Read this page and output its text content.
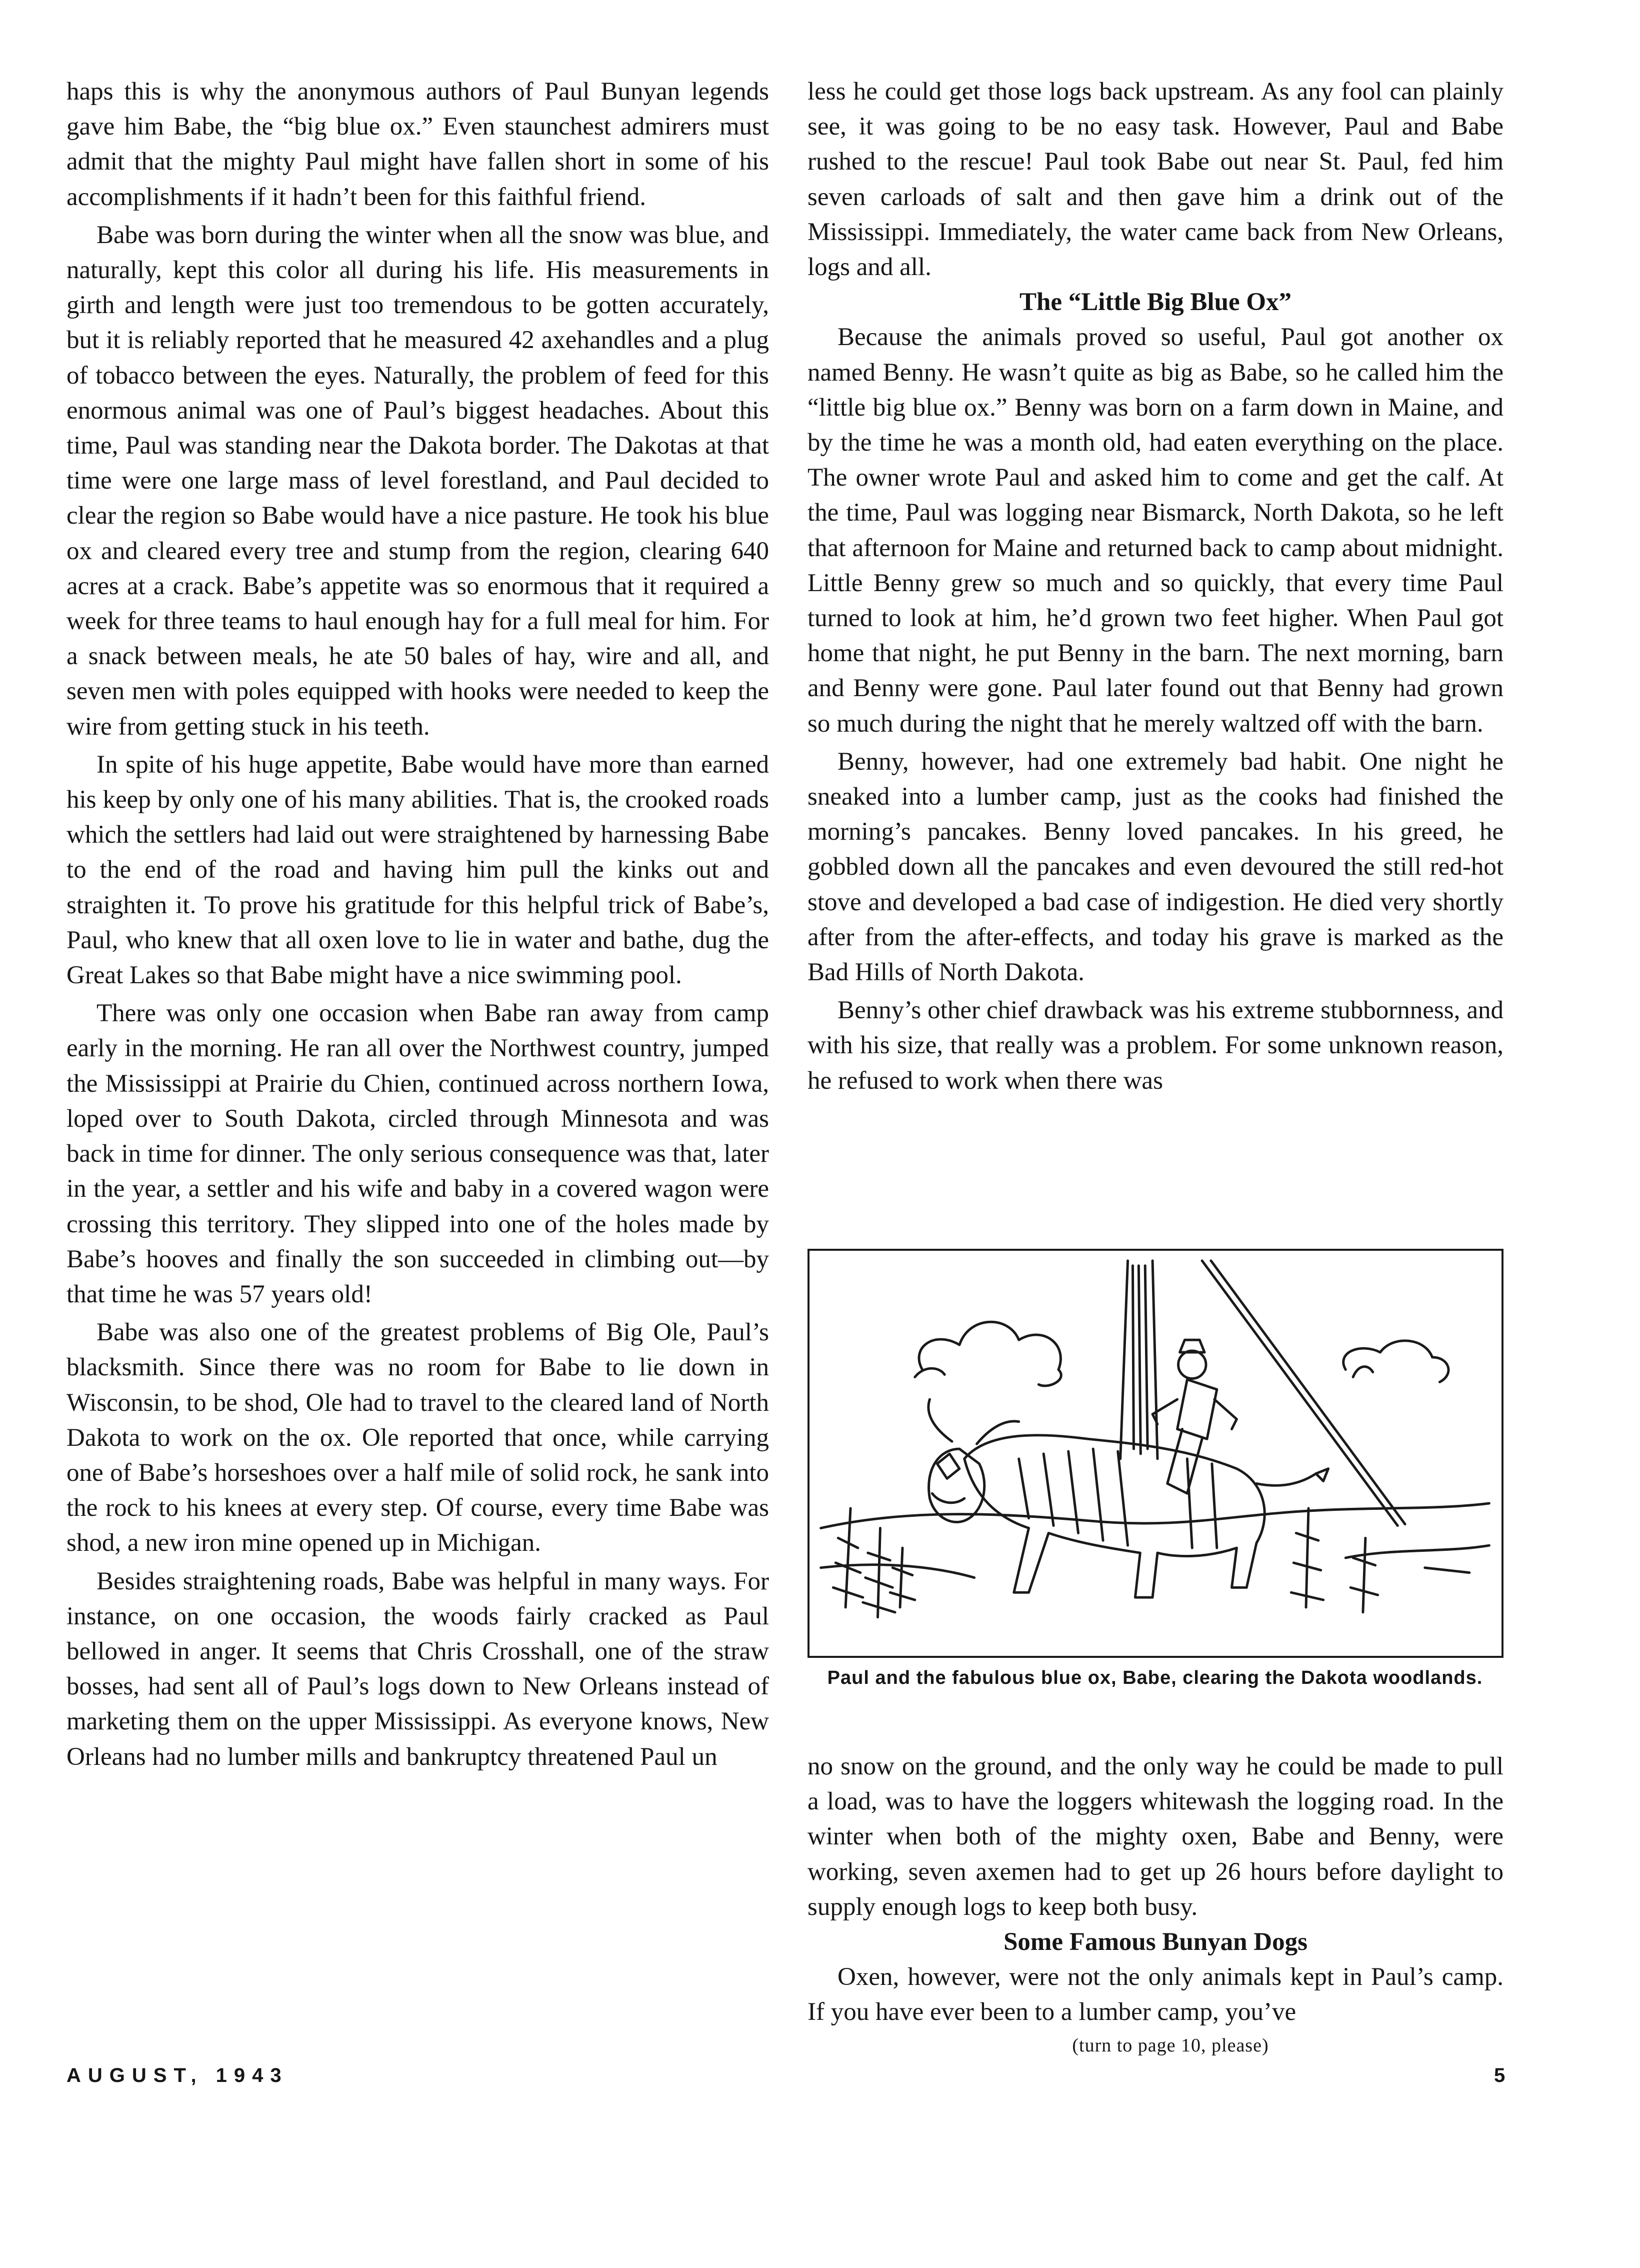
haps this is why the anonymous authors of Paul Bunyan legends gave him Babe, the “big blue ox.” Even staunchest admirers must admit that the mighty Paul might have fallen short in some of his accomplishments if it hadn’t been for this faithful friend.

Babe was born during the winter when all the snow was blue, and naturally, kept this color all during his life. His measurements in girth and length were just too tremendous to be gotten accurately, but it is reliably reported that he measured 42 axehandles and a plug of tobacco between the eyes. Naturally, the problem of feed for this enormous animal was one of Paul’s biggest headaches. About this time, Paul was standing near the Dakota border. The Dakotas at that time were one large mass of level forestland, and Paul decided to clear the region so Babe would have a nice pasture. He took his blue ox and cleared every tree and stump from the region, clearing 640 acres at a crack. Babe’s appetite was so enormous that it required a week for three teams to haul enough hay for a full meal for him. For a snack between meals, he ate 50 bales of hay, wire and all, and seven men with poles equipped with hooks were needed to keep the wire from getting stuck in his teeth.

In spite of his huge appetite, Babe would have more than earned his keep by only one of his many abilities. That is, the crooked roads which the settlers had laid out were straightened by harnessing Babe to the end of the road and having him pull the kinks out and straighten it. To prove his gratitude for this helpful trick of Babe’s, Paul, who knew that all oxen love to lie in water and bathe, dug the Great Lakes so that Babe might have a nice swimming pool.

There was only one occasion when Babe ran away from camp early in the morning. He ran all over the Northwest country, jumped the Mississippi at Prairie du Chien, continued across northern Iowa, loped over to South Dakota, circled through Minnesota and was back in time for dinner. The only serious consequence was that, later in the year, a settler and his wife and baby in a covered wagon were crossing this territory. They slipped into one of the holes made by Babe’s hooves and finally the son succeeded in climbing out—by that time he was 57 years old!

Babe was also one of the greatest problems of Big Ole, Paul’s blacksmith. Since there was no room for Babe to lie down in Wisconsin, to be shod, Ole had to travel to the cleared land of North Dakota to work on the ox. Ole reported that once, while carrying one of Babe’s horseshoes over a half mile of solid rock, he sank into the rock to his knees at every step. Of course, every time Babe was shod, a new iron mine opened up in Michigan.

Besides straightening roads, Babe was helpful in many ways. For instance, on one occasion, the woods fairly cracked as Paul bellowed in anger. It seems that Chris Crosshall, one of the straw bosses, had sent all of Paul’s logs down to New Orleans instead of marketing them on the upper Mississippi. As everyone knows, New Orleans had no lumber mills and bankruptcy threatened Paul un

less he could get those logs back upstream. As any fool can plainly see, it was going to be no easy task. However, Paul and Babe rushed to the rescue! Paul took Babe out near St. Paul, fed him seven carloads of salt and then gave him a drink out of the Mississippi. Immediately, the water came back from New Orleans, logs and all.

The “Little Big Blue Ox”

Because the animals proved so useful, Paul got another ox named Benny. He wasn’t quite as big as Babe, so he called him the “little big blue ox.” Benny was born on a farm down in Maine, and by the time he was a month old, had eaten everything on the place. The owner wrote Paul and asked him to come and get the calf. At the time, Paul was logging near Bismarck, North Dakota, so he left that afternoon for Maine and returned back to camp about midnight. Little Benny grew so much and so quickly, that every time Paul turned to look at him, he’d grown two feet higher. When Paul got home that night, he put Benny in the barn. The next morning, barn and Benny were gone. Paul later found out that Benny had grown so much during the night that he merely waltzed off with the barn.

Benny, however, had one extremely bad habit. One night he sneaked into a lumber camp, just as the cooks had finished the morning’s pancakes. Benny loved pancakes. In his greed, he gobbled down all the pancakes and even devoured the still red-hot stove and developed a bad case of indigestion. He died very shortly after from the after-effects, and today his grave is marked as the Bad Hills of North Dakota.

Benny’s other chief drawback was his extreme stubbornness, and with his size, that really was a problem. For some unknown reason, he refused to work when there was

Paul and the fabulous blue ox, Babe, clearing the Dakota woodlands.

no snow on the ground, and the only way he could be made to pull a load, was to have the loggers whitewash the logging road. In the winter when both of the mighty oxen, Babe and Benny, were working, seven axemen had to get up 26 hours before daylight to supply enough logs to keep both busy.

Some Famous Bunyan Dogs

Oxen, however, were not the only animals kept in Paul’s camp. If you have ever been to a lumber camp, you’ve

(turn to page 10, please)

AUGUST, 1943	5
